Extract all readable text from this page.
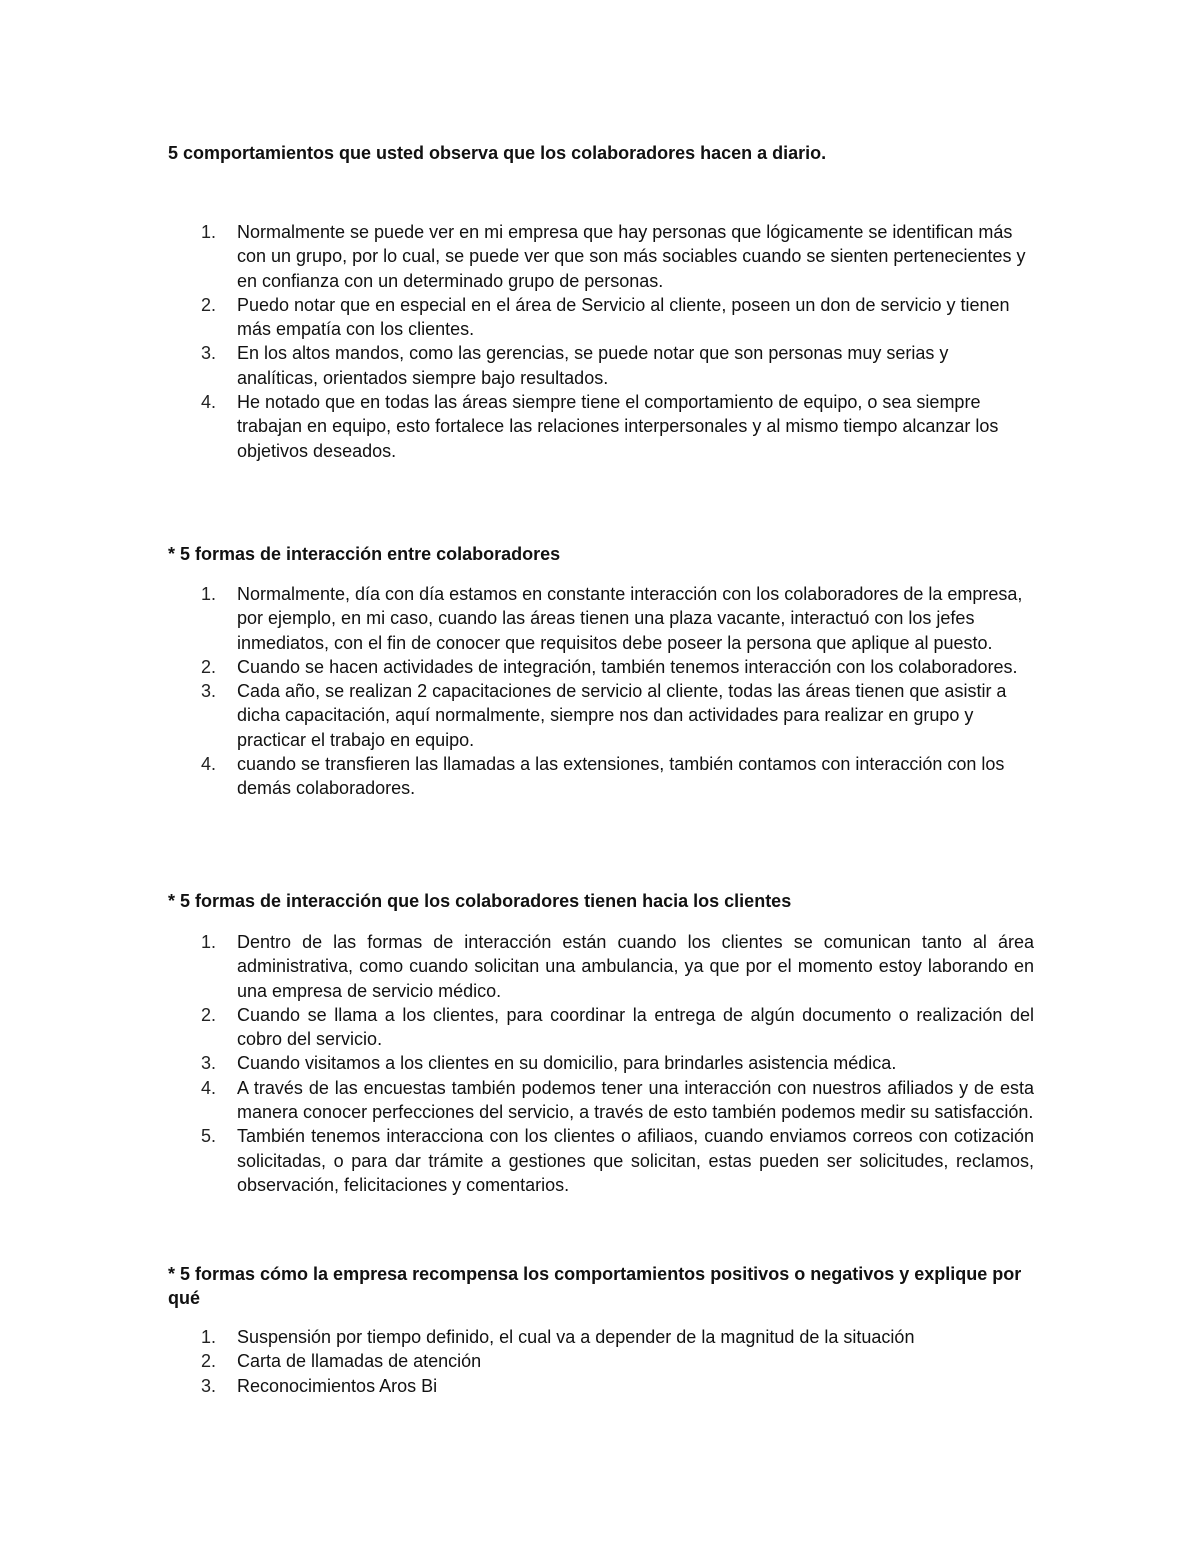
5 comportamientos que usted observa que los colaboradores hacen a diario.

1.	Normalmente se puede ver en mi empresa que hay personas que lógicamente se identifican más con un grupo, por lo cual, se puede ver que son más sociables cuando se sienten pertenecientes y en confianza con un determinado grupo de personas.
2.	Puedo notar que en especial en el área de Servicio al cliente, poseen un don de servicio y tienen más empatía con los clientes.
3.	En los altos mandos, como las gerencias, se puede notar que son personas muy serias y analíticas, orientados siempre bajo resultados.
4.	He notado que en todas las áreas siempre tiene el comportamiento de equipo, o sea siempre trabajan en equipo, esto fortalece las relaciones interpersonales y al mismo tiempo alcanzar los objetivos deseados.

* 5 formas de interacción entre colaboradores

1.	Normalmente, día con día estamos en constante interacción con los colaboradores de la empresa, por ejemplo, en mi caso, cuando las áreas tienen una plaza vacante, interactuó con los jefes inmediatos, con el fin de conocer que requisitos debe poseer la persona que aplique al puesto.
2.	Cuando se hacen actividades de integración, también tenemos interacción con los colaboradores.
3.	Cada año, se realizan 2 capacitaciones de servicio al cliente, todas las áreas tienen que asistir a dicha capacitación, aquí normalmente, siempre nos dan actividades para realizar en grupo y practicar el trabajo en equipo.
4.	cuando se transfieren las llamadas a las extensiones, también contamos con interacción con los demás colaboradores.

* 5 formas de interacción que los colaboradores tienen hacia los clientes

1.	Dentro de las formas de interacción están cuando los clientes se comunican tanto al área administrativa, como cuando solicitan una ambulancia, ya que por el momento estoy laborando en una empresa de servicio médico.
2.	Cuando se llama a los clientes, para coordinar la entrega de algún documento o realización del cobro del servicio.
3.	Cuando visitamos a los clientes en su domicilio, para brindarles asistencia médica.
4.	A través de las encuestas también podemos tener una interacción con nuestros afiliados y de esta manera conocer perfecciones del servicio, a través de esto también podemos medir su satisfacción.
5.	También tenemos interacciona con los clientes o afiliaos, cuando enviamos correos con cotización solicitadas, o para dar trámite a gestiones que solicitan, estas pueden ser solicitudes, reclamos, observación, felicitaciones y comentarios.

* 5 formas cómo la empresa recompensa los comportamientos positivos o negativos y explique por qué

1.	Suspensión por tiempo definido, el cual va a depender de la magnitud de la situación
2.	Carta de llamadas de atención
3.	Reconocimientos Aros Bi
